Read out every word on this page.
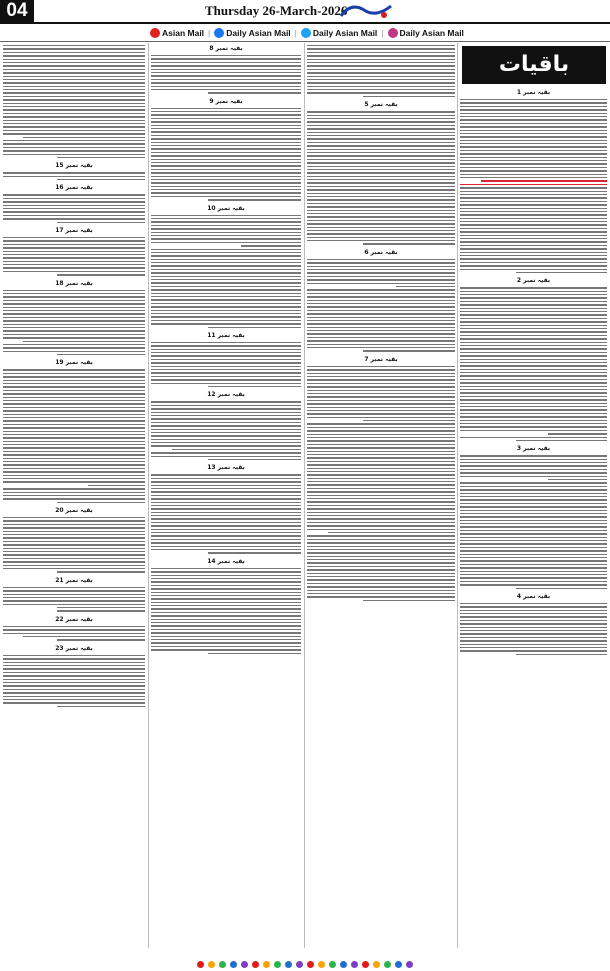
04	Thursday 26-March-2026
Asian Mail | Daily Asian Mail | Daily Asian Mail | Daily Asian Mail
بقیہ نمبر 15
بقیہ نمبر 16
بقیہ نمبر 17
بقیہ نمبر 18
بقیہ نمبر 19
بقیہ نمبر 20
بقیہ نمبر 21
بقیہ نمبر 22
بقیہ نمبر 23
بقیہ نمبر 8
بقیہ نمبر 9
بقیہ نمبر 10
بقیہ نمبر 11
بقیہ نمبر 12
بقیہ نمبر 13
بقیہ نمبر 14
بقیہ نمبر 5
بقیہ نمبر 6
بقیہ نمبر 7
بقیہ نمبر 1
بقیہ نمبر 2
بقیہ نمبر 3
بقیہ نمبر 4
باقیات
